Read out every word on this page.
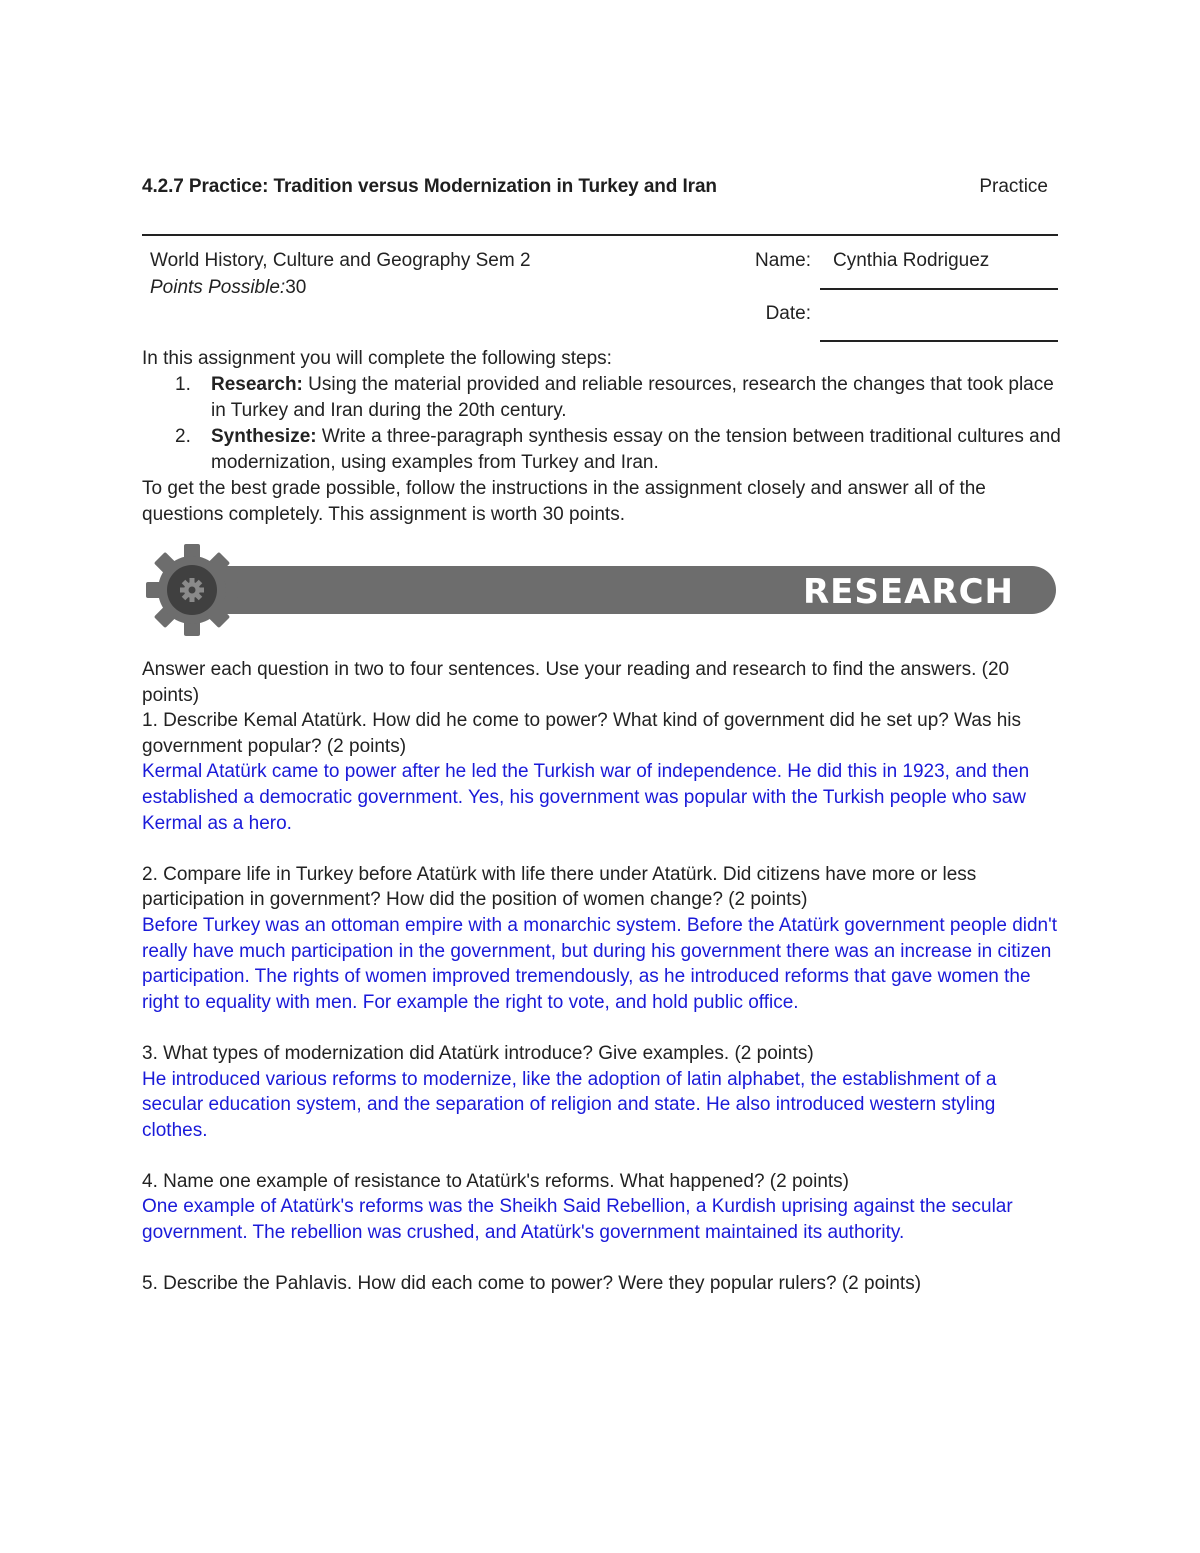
4.2.7 Practice: Tradition versus Modernization in Turkey and Iran	Practice
World History, Culture and Geography Sem 2
Points Possible:30
Name: Cynthia Rodriguez
Date:

In this assignment you will complete the following steps:

1. Research: Using the material provided and reliable resources, research the changes that took place in Turkey and Iran during the 20th century.
2. Synthesize: Write a three-paragraph synthesis essay on the tension between traditional cultures and modernization, using examples from Turkey and Iran.

To get the best grade possible, follow the instructions in the assignment closely and answer all of the questions completely. This assignment is worth 30 points.

RESEARCH

Answer each question in two to four sentences. Use your reading and research to find the answers. (20 points)

1. Describe Kemal Atatürk. How did he come to power? What kind of government did he set up? Was his government popular? (2 points)

Kermal Atatürk came to power after he led the Turkish war of independence. He did this in 1923, and then established a democratic government. Yes, his government was popular with the Turkish people who saw Kermal as a hero.

2. Compare life in Turkey before Atatürk with life there under Atatürk. Did citizens have more or less participation in government? How did the position of women change? (2 points)

Before Turkey was an ottoman empire with a monarchic system. Before the Atatürk government people didn't really have much participation in the government, but during his government there was an increase in citizen participation. The rights of women improved tremendously, as he introduced reforms that gave women the right to equality with men. For example the right to vote, and hold public office.

3. What types of modernization did Atatürk introduce? Give examples. (2 points)

He introduced various reforms to modernize, like the adoption of latin alphabet, the establishment of a secular education system, and the separation of religion and state. He also introduced western styling clothes.

4. Name one example of resistance to Atatürk's reforms. What happened? (2 points)

One example of Atatürk's reforms was the Sheikh Said Rebellion, a Kurdish uprising against the secular government. The rebellion was crushed, and Atatürk's government maintained its authority.

5. Describe the Pahlavis. How did each come to power? Were they popular rulers? (2 points)
